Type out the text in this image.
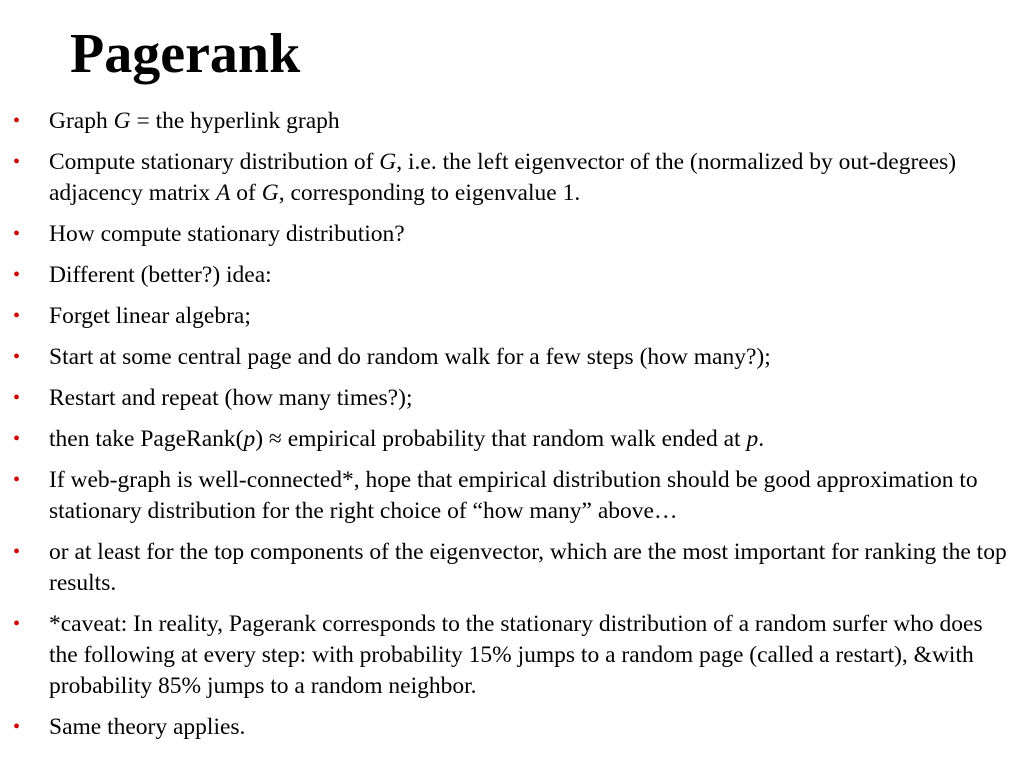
Pagerank
• Graph G = the hyperlink graph
• Compute stationary distribution of G, i.e. the left eigenvector of the (normalized by out-degrees) adjacency matrix A of G, corresponding to eigenvalue 1.
• How compute stationary distribution?
• Different (better?) idea:
• Forget linear algebra;
• Start at some central page and do random walk for a few steps (how many?);
• Restart and repeat (how many times?);
• then take PageRank(p) ≈ empirical probability that random walk ended at p.
• If web-graph is well-connected*, hope that empirical distribution should be good approximation to stationary distribution for the right choice of “how many” above…
• or at least for the top components of the eigenvector, which are the most important for ranking the top results.
• *caveat: In reality, Pagerank corresponds to the stationary distribution of a random surfer who does the following at every step: with probability 15% jumps to a random page (called a restart), &with probability 85% jumps to a random neighbor.
• Same theory applies.
